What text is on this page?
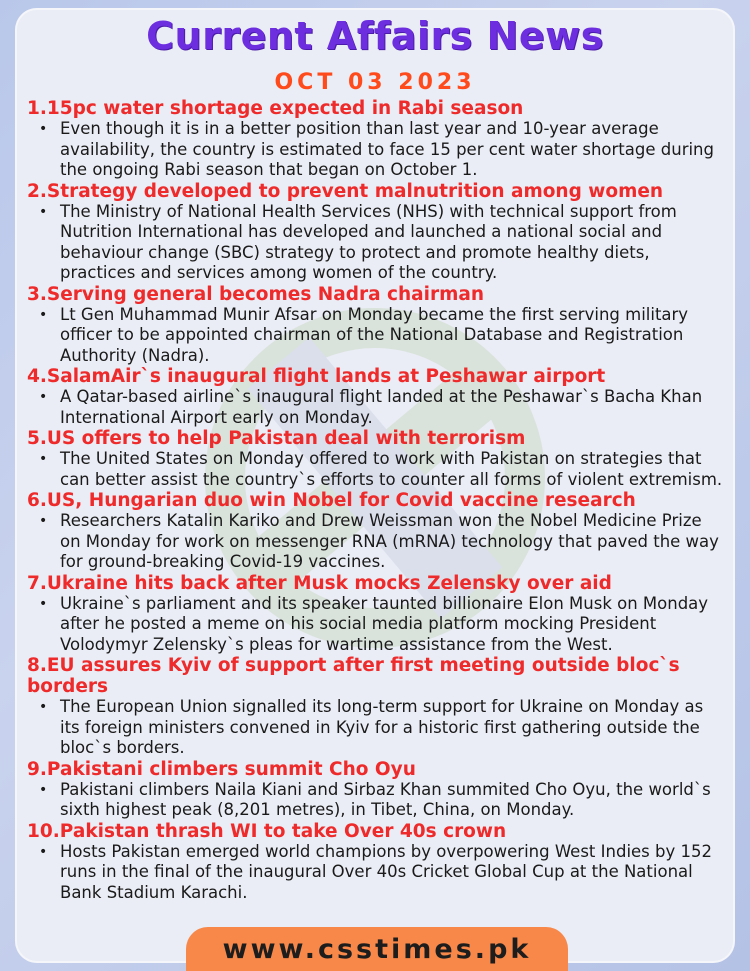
Current Affairs News
OCT 03 2023
1.15pc water shortage expected in Rabi season

• Even though it is in a better position than last year and 10-year average availability, the country is estimated to face 15 per cent water shortage during the ongoing Rabi season that began on October 1.

2.Strategy developed to prevent malnutrition among women

• The Ministry of National Health Services (NHS) with technical support from Nutrition International has developed and launched a national social and behaviour change (SBC) strategy to protect and promote healthy diets, practices and services among women of the country.

3.Serving general becomes Nadra chairman

• Lt Gen Muhammad Munir Afsar on Monday became the first serving military officer to be appointed chairman of the National Database and Registration Authority (Nadra).

4.SalamAir`s inaugural flight lands at Peshawar airport

• A Qatar-based airline`s inaugural flight landed at the Peshawar`s Bacha Khan International Airport early on Monday.

5.US offers to help Pakistan deal with terrorism

• The United States on Monday offered to work with Pakistan on strategies that can better assist the country`s efforts to counter all forms of violent extremism.

6.US, Hungarian duo win Nobel for Covid vaccine research

• Researchers Katalin Kariko and Drew Weissman won the Nobel Medicine Prize on Monday for work on messenger RNA (mRNA) technology that paved the way for ground-breaking Covid-19 vaccines.

7.Ukraine hits back after Musk mocks Zelensky over aid

• Ukraine`s parliament and its speaker taunted billionaire Elon Musk on Monday after he posted a meme on his social media platform mocking President Volodymyr Zelensky`s pleas for wartime assistance from the West.

8.EU assures Kyiv of support after first meeting outside bloc`s borders

• The European Union signalled its long-term support for Ukraine on Monday as its foreign ministers convened in Kyiv for a historic first gathering outside the bloc`s borders.

9.Pakistani climbers summit Cho Oyu

• Pakistani climbers Naila Kiani and Sirbaz Khan summited Cho Oyu, the world`s sixth highest peak (8,201 metres), in Tibet, China, on Monday.

10.Pakistan thrash WI to take Over 40s crown

• Hosts Pakistan emerged world champions by overpowering West Indies by 152 runs in the final of the inaugural Over 40s Cricket Global Cup at the National Bank Stadium Karachi.

www.csstimes.pk
